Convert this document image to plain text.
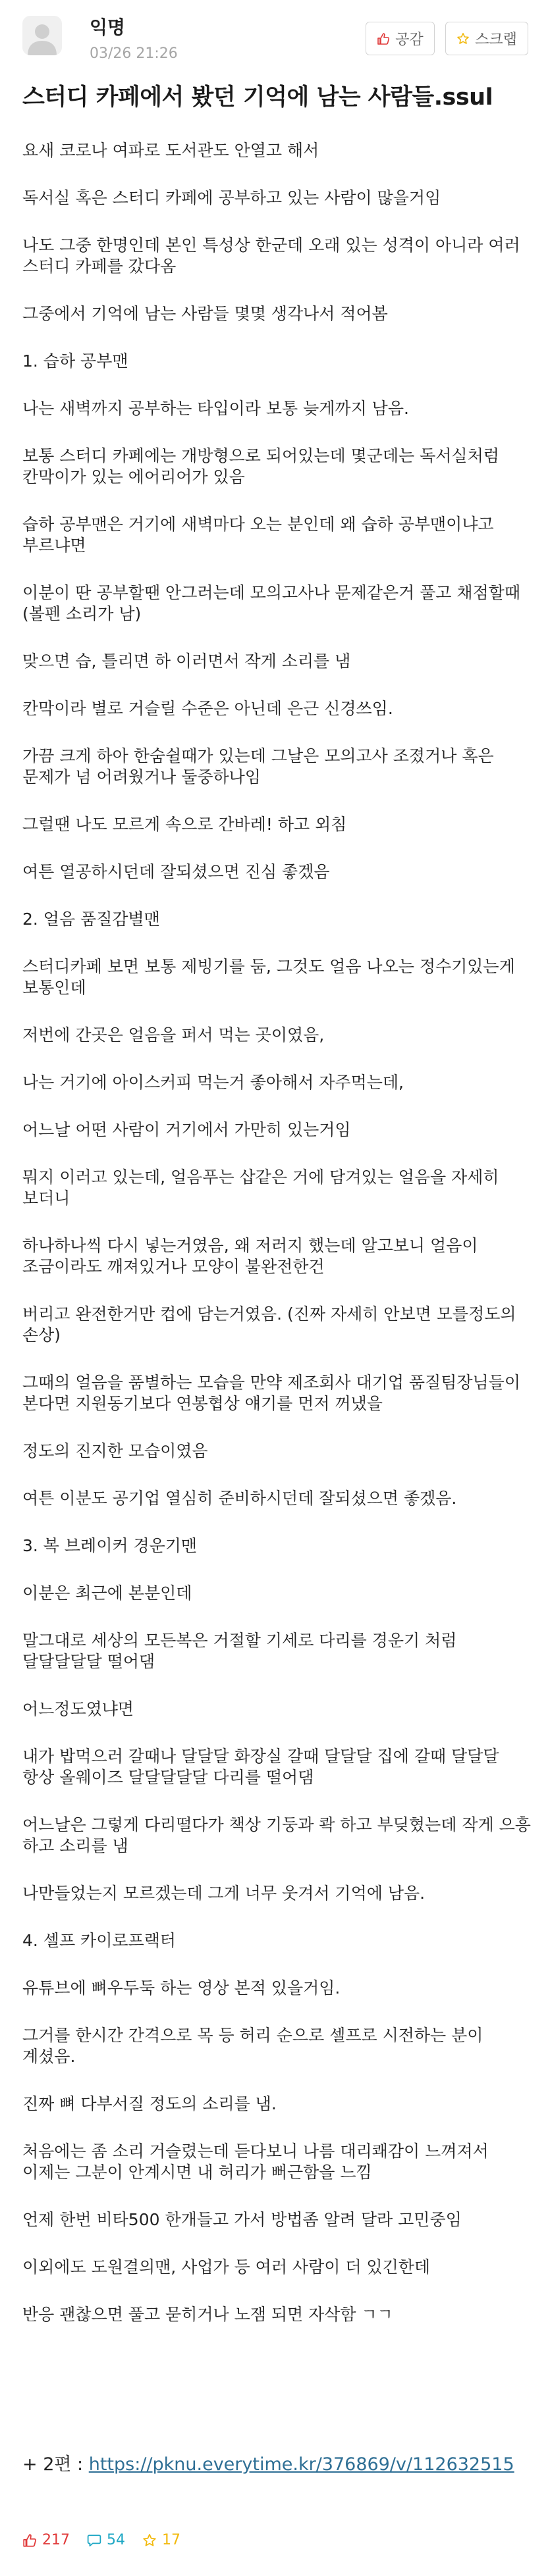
익명
03/26 21:26
공감	스크랩
스터디 카페에서 봤던 기억에 남는 사람들.ssul

요새 코로나 여파로 도서관도 안열고 해서

독서실 혹은 스터디 카페에 공부하고 있는 사람이 많을거임

나도 그중 한명인데 본인 특성상 한군데 오래 있는 성격이 아니라 여러 스터디 카페를 갔다옴

그중에서 기억에 남는 사람들 몇몇 생각나서 적어봄

1. 습하 공부맨

나는 새벽까지 공부하는 타입이라 보통 늦게까지 남음.

보통 스터디 카페에는 개방형으로 되어있는데 몇군데는 독서실처럼 칸막이가 있는 에어리어가 있음

습하 공부맨은 거기에 새벽마다 오는 분인데 왜 습하 공부맨이냐고 부르냐면

이분이 딴 공부할땐 안그러는데 모의고사나 문제같은거 풀고 채점할때 (볼펜 소리가 남)

맞으면 습, 틀리면 하 이러면서 작게 소리를 냄

칸막이라 별로 거슬릴 수준은 아닌데 은근 신경쓰임.

가끔 크게 하아 한숨쉴때가 있는데 그날은 모의고사 조졌거나 혹은 문제가 넘 어려웠거나 둘중하나임

그럴땐 나도 모르게 속으로 간바레! 하고 외침

여튼 열공하시던데 잘되셨으면 진심 좋겠음

2. 얼음 품질감별맨

스터디카페 보면 보통 제빙기를 둠, 그것도 얼음 나오는 정수기있는게 보통인데

저번에 간곳은 얼음을 퍼서 먹는 곳이였음,

나는 거기에 아이스커피 먹는거 좋아해서 자주먹는데,

어느날 어떤 사람이 거기에서 가만히 있는거임

뭐지 이러고 있는데, 얼음푸는 삽같은 거에 담겨있는 얼음을 자세히 보더니

하나하나씩 다시 넣는거였음, 왜 저러지 했는데 알고보니 얼음이 조금이라도 깨져있거나 모양이 불완전한건

버리고 완전한거만 컵에 담는거였음. (진짜 자세히 안보면 모를정도의 손상)

그때의 얼음을 품별하는 모습을 만약 제조회사 대기업 품질팀장님들이 본다면 지원동기보다 연봉협상 얘기를 먼저 꺼냈을

정도의 진지한 모습이였음

여튼 이분도 공기업 열심히 준비하시던데 잘되셨으면 좋겠음.

3. 복 브레이커 경운기맨

이분은 최근에 본분인데

말그대로 세상의 모든복은 거절할 기세로 다리를 경운기 처럼 달달달달달 떨어댐

어느정도였냐면

내가 밥먹으러 갈때나 달달달 화장실 갈때 달달달 집에 갈때 달달달 항상 올웨이즈 달달달달달 다리를 떨어댐

어느날은 그렇게 다리떨다가 책상 기둥과 콱 하고 부딪혔는데 작게 으흥 하고 소리를 냄

나만들었는지 모르겠는데 그게 너무 웃겨서 기억에 남음.

4. 셀프 카이로프랙터

유튜브에 뼈우두둑 하는 영상 본적 있을거임.

그거를 한시간 간격으로 목 등 허리 순으로 셀프로 시전하는 분이 계셨음.

진짜 뼈 다부서질 정도의 소리를 냄.

처음에는 좀 소리 거슬렸는데 듣다보니 나름 대리쾌감이 느껴져서 이제는 그분이 안계시면 내 허리가 뻐근함을 느낌

언제 한번 비타500 한개들고 가서 방법좀 알려 달라 고민중임

이외에도 도원결의맨, 사업가 등 여러 사람이 더 있긴한데

반응 괜찮으면 풀고 묻히거나 노잼 되면 자삭함 ㄱㄱ

+ 2편 : https://pknu.everytime.kr/376869/v/112632515
217	54	17
